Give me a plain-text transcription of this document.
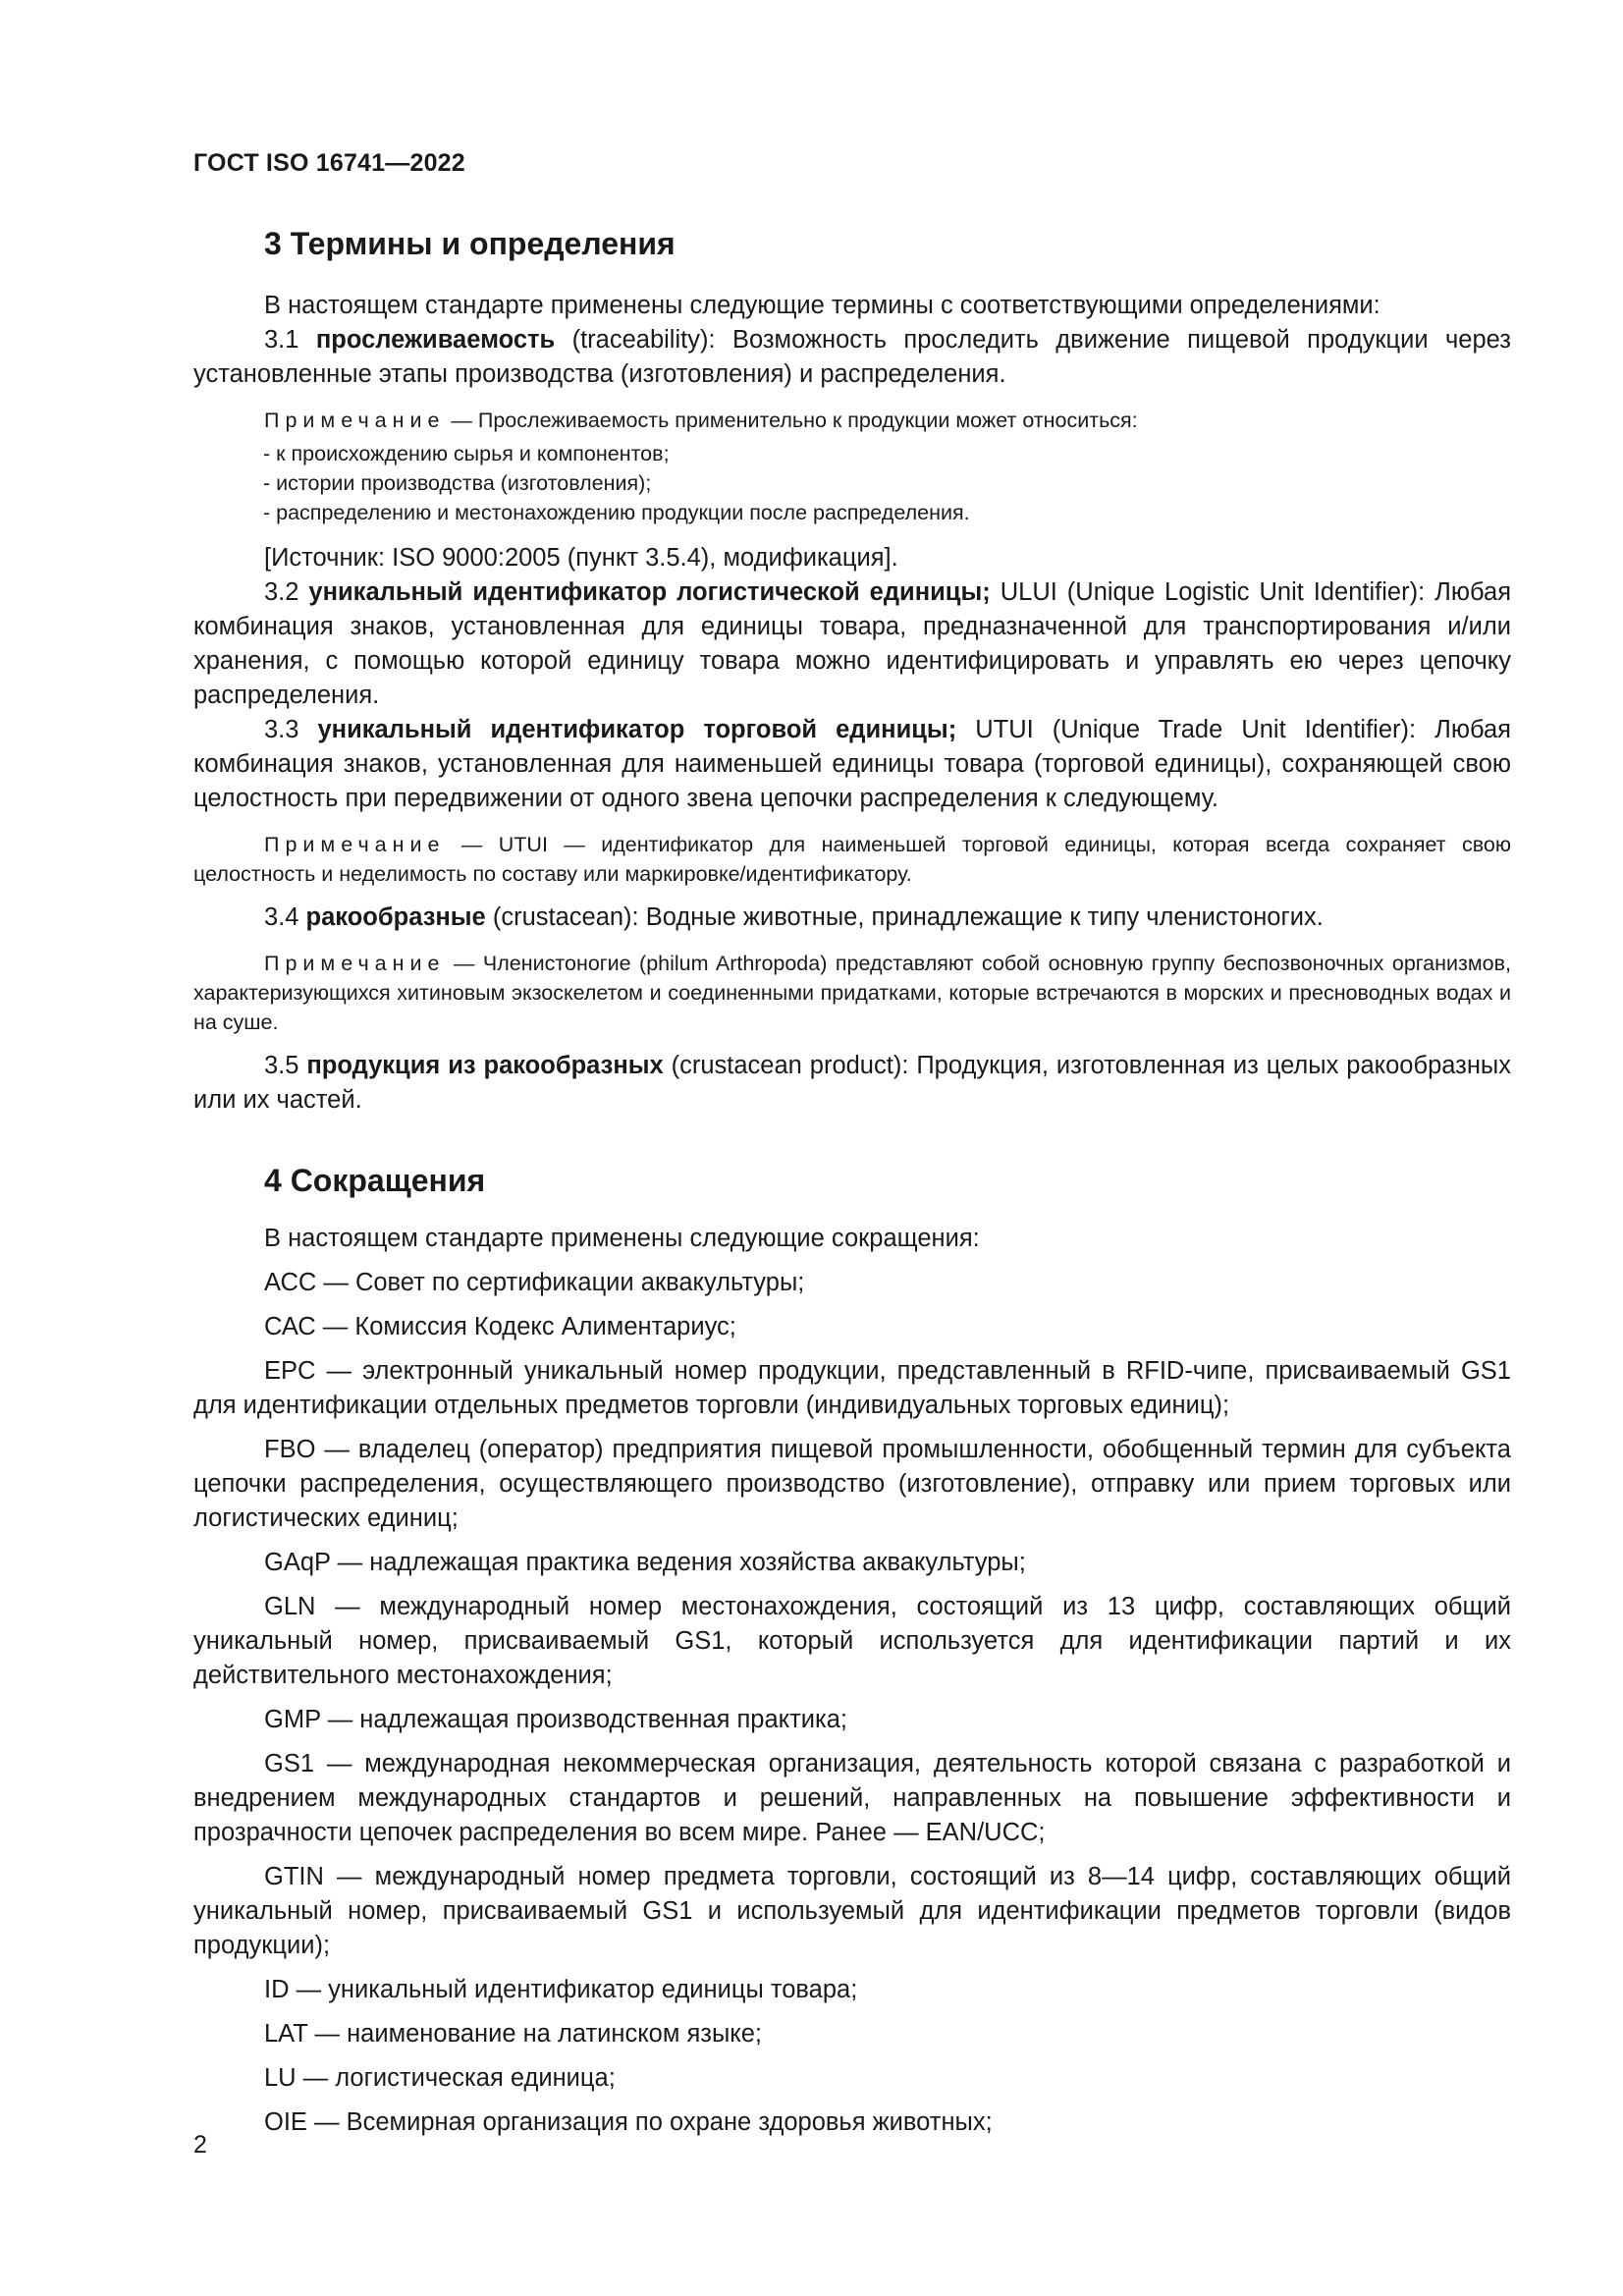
ГОСТ ISO 16741—2022
3 Термины и определения

В настоящем стандарте применены следующие термины с соответствующими определениями:

3.1 прослеживаемость (traceability): Возможность проследить движение пищевой продукции через установленные этапы производства (изготовления) и распределения.

Примечание — Прослеживаемость применительно к продукции может относиться:

- к происхождению сырья и компонентов;
- истории производства (изготовления);
- распределению и местонахождению продукции после распределения.

[Источник: ISO 9000:2005 (пункт 3.5.4), модификация].

3.2 уникальный идентификатор логистической единицы; ULUI (Unique Logistic Unit Identifier): Любая комбинация знаков, установленная для единицы товара, предназначенной для транспортирования и/или хранения, с помощью которой единицу товара можно идентифицировать и управлять ею через цепочку распределения.

3.3 уникальный идентификатор торговой единицы; UTUI (Unique Trade Unit Identifier): Любая комбинация знаков, установленная для наименьшей единицы товара (торговой единицы), сохраняющей свою целостность при передвижении от одного звена цепочки распределения к следующему.

Примечание — UTUI — идентификатор для наименьшей торговой единицы, которая всегда сохраняет свою целостность и неделимость по составу или маркировке/идентификатору.

3.4 ракообразные (crustacean): Водные животные, принадлежащие к типу членистоногих.

Примечание — Членистоногие (philum Arthropoda) представляют собой основную группу беспозвоночных организмов, характеризующихся хитиновым экзоскелетом и соединенными придатками, которые встречаются в морских и пресноводных водах и на суше.

3.5 продукция из ракообразных (crustacean product): Продукция, изготовленная из целых ракообразных или их частей.

4 Сокращения

В настоящем стандарте применены следующие сокращения:

АСС — Совет по сертификации аквакультуры;

САС — Комиссия Кодекс Алиментариус;

EPC — электронный уникальный номер продукции, представленный в RFID-чипе, присваиваемый GS1 для идентификации отдельных предметов торговли (индивидуальных торговых единиц);

FBO — владелец (оператор) предприятия пищевой промышленности, обобщенный термин для субъекта цепочки распределения, осуществляющего производство (изготовление), отправку или прием торговых или логистических единиц;

GAqP — надлежащая практика ведения хозяйства аквакультуры;

GLN — международный номер местонахождения, состоящий из 13 цифр, составляющих общий уникальный номер, присваиваемый GS1, который используется для идентификации партий и их действительного местонахождения;

GMP — надлежащая производственная практика;

GS1 — международная некоммерческая организация, деятельность которой связана с разработкой и внедрением международных стандартов и решений, направленных на повышение эффективности и прозрачности цепочек распределения во всем мире. Ранее — EAN/UCC;

GTIN — международный номер предмета торговли, состоящий из 8—14 цифр, составляющих общий уникальный номер, присваиваемый GS1 и используемый для идентификации предметов торговли (видов продукции);

ID — уникальный идентификатор единицы товара;

LAT — наименование на латинском языке;

LU — логистическая единица;

OIE — Всемирная организация по охране здоровья животных;

2
